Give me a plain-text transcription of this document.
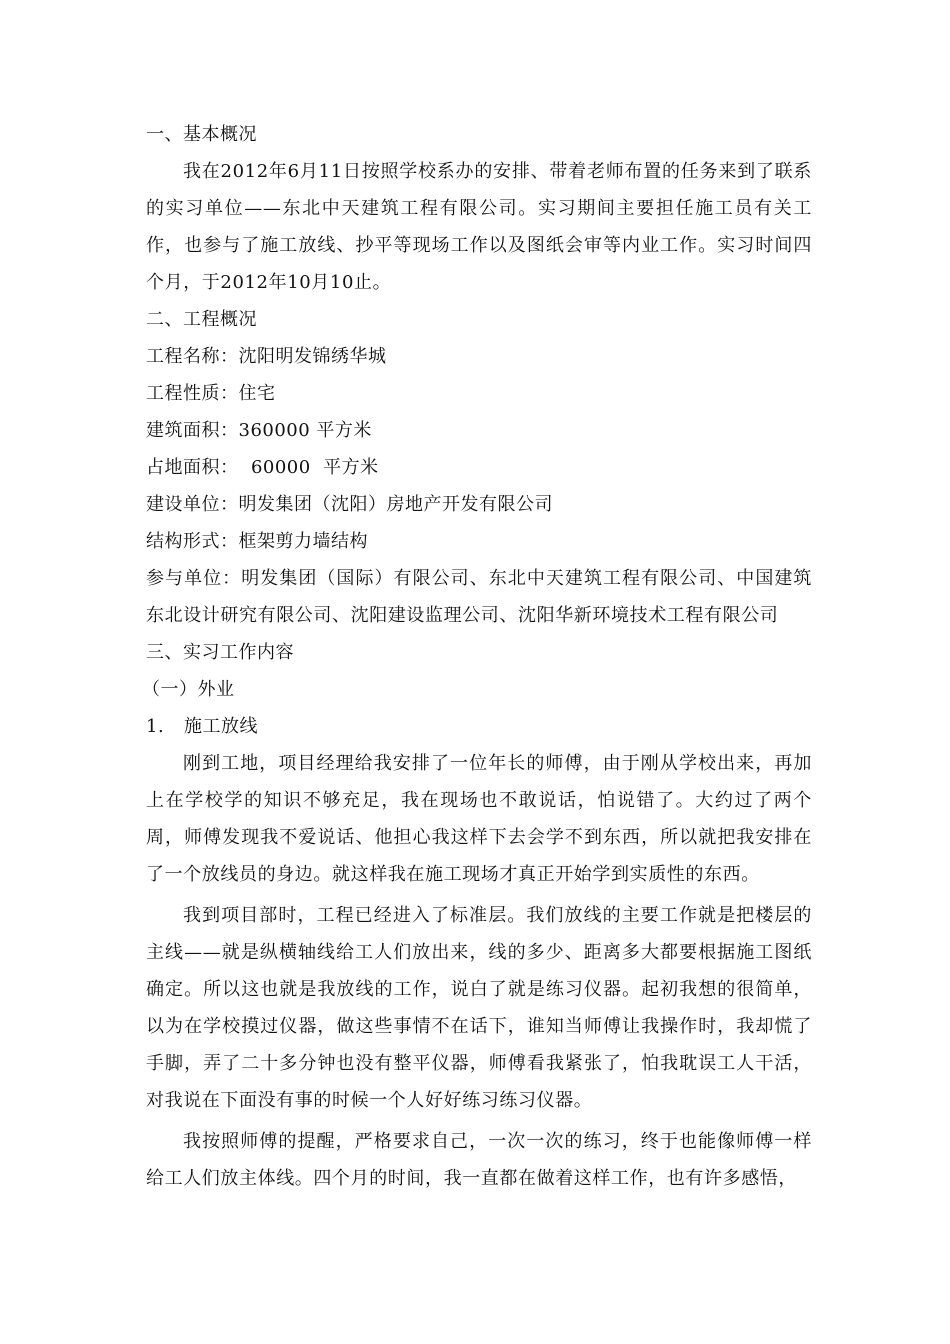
一、基本概况

我在2012年6月11日按照学校系办的安排、带着老师布置的任务来到了联系的实习单位——东北中天建筑工程有限公司。实习期间主要担任施工员有关工作，也参与了施工放线、抄平等现场工作以及图纸会审等内业工作。实习时间四个月，于2012年10月10止。

二、工程概况

工程名称：沈阳明发锦绣华城

工程性质：住宅

建筑面积：360000 平方米

占地面积：  60000  平方米

建设单位：明发集团（沈阳）房地产开发有限公司

结构形式：框架剪力墙结构

参与单位：明发集团（国际）有限公司、东北中天建筑工程有限公司、中国建筑东北设计研究有限公司、沈阳建设监理公司、沈阳华新环境技术工程有限公司

三、实习工作内容

（一）外业

1. 施工放线

刚到工地，项目经理给我安排了一位年长的师傅，由于刚从学校出来，再加上在学校学的知识不够充足，我在现场也不敢说话，怕说错了。大约过了两个周，师傅发现我不爱说话、他担心我这样下去会学不到东西，所以就把我安排在了一个放线员的身边。就这样我在施工现场才真正开始学到实质性的东西。

我到项目部时，工程已经进入了标准层。我们放线的主要工作就是把楼层的主线——就是纵横轴线给工人们放出来，线的多少、距离多大都要根据施工图纸确定。所以这也就是我放线的工作，说白了就是练习仪器。起初我想的很简单，以为在学校摸过仪器，做这些事情不在话下，谁知当师傅让我操作时，我却慌了手脚，弄了二十多分钟也没有整平仪器，师傅看我紧张了，怕我耽误工人干活，对我说在下面没有事的时候一个人好好练习练习仪器。

我按照师傅的提醒，严格要求自己，一次一次的练习，终于也能像师傅一样给工人们放主体线。四个月的时间，我一直都在做着这样工作，也有许多感悟，
